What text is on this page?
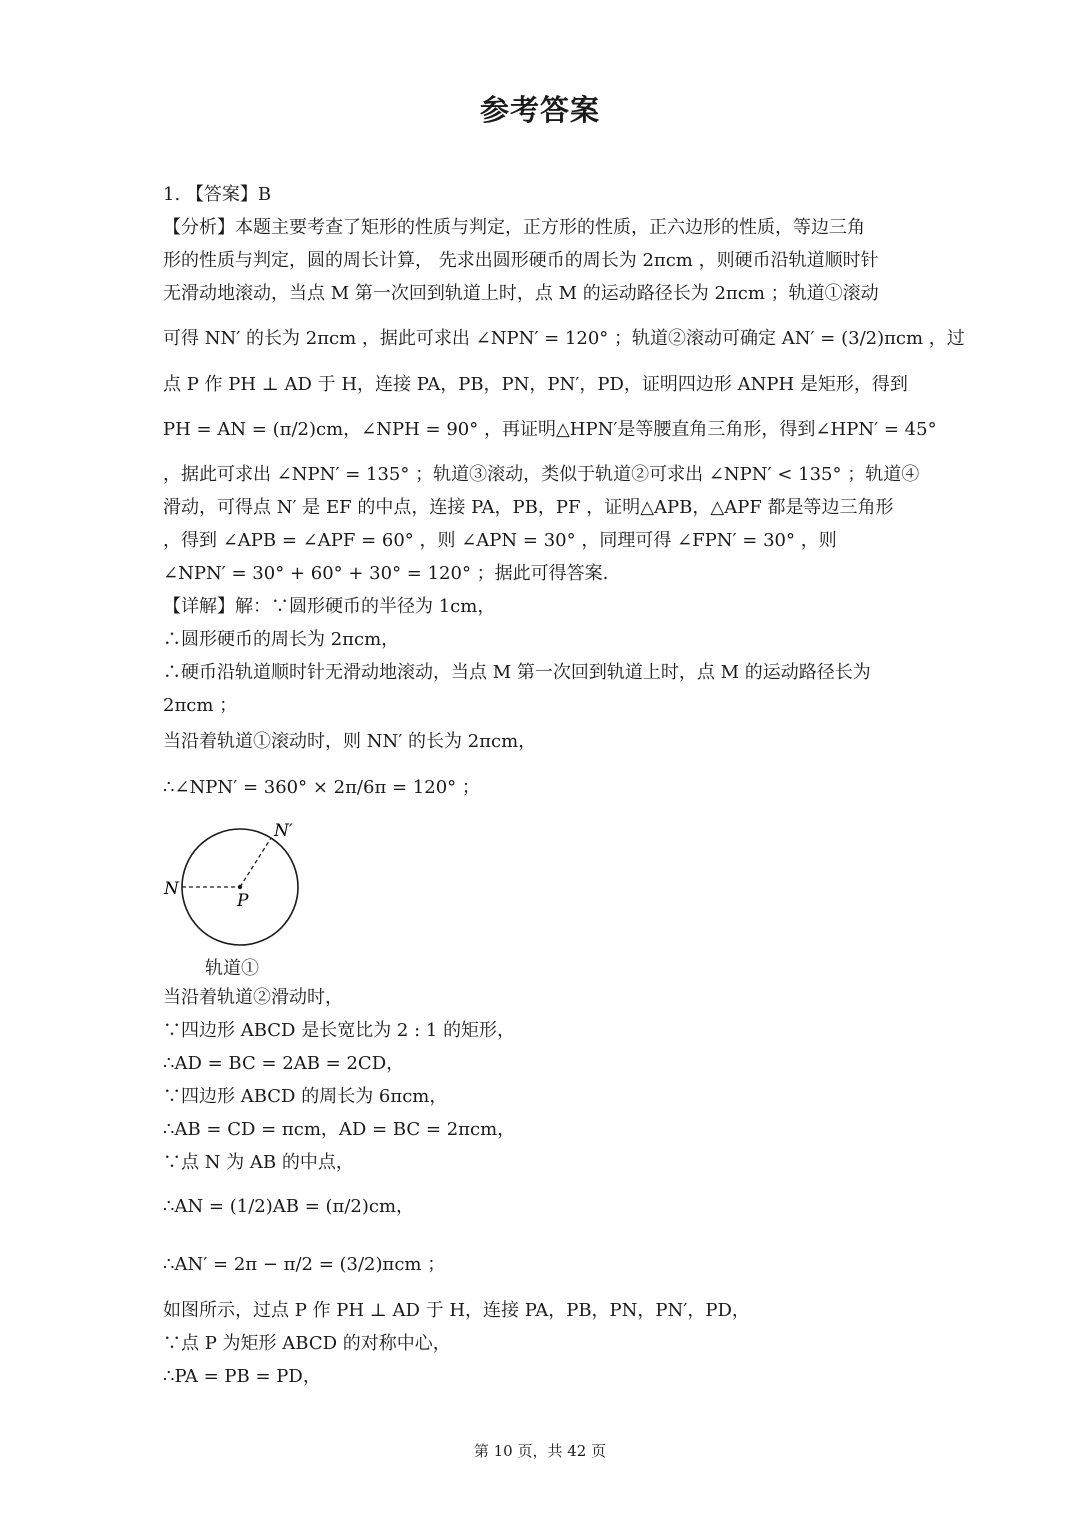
参考答案
1. 【答案】B
【分析】本题主要考查了矩形的性质与判定，正方形的性质，正六边形的性质，等边三角
形的性质与判定，圆的周长计算， 先求出圆形硬币的周长为 2πcm ，则硬币沿轨道顺时针
无滑动地滚动，当点 M 第一次回到轨道上时，点 M 的运动路径长为 2πcm ；轨道①滚动
可得 NN′ 的长为 2πcm ，据此可求出 ∠NPN′ = 120° ；轨道②滚动可确定 AN′ = (3/2)πcm ，过
点 P 作 PH ⊥ AD 于 H，连接 PA，PB，PN，PN′，PD，证明四边形 ANPH 是矩形，得到
PH = AN = (π/2)cm，∠NPH = 90° ，再证明△HPN′是等腰直角三角形，得到∠HPN′ = 45°
，据此可求出 ∠NPN′ = 135° ；轨道③滚动，类似于轨道②可求出 ∠NPN′ < 135° ；轨道④
滑动，可得点 N′ 是 EF 的中点，连接 PA，PB，PF ，证明△APB，△APF 都是等边三角形
，得到 ∠APB = ∠APF = 60° ，则 ∠APN = 30° ，同理可得 ∠FPN′ = 30° ，则
∠NPN′ = 30° + 60° + 30° = 120° ；据此可得答案.
【详解】解：∵圆形硬币的半径为 1cm，
∴圆形硬币的周长为 2πcm，
∴硬币沿轨道顺时针无滑动地滚动，当点 M 第一次回到轨道上时，点 M 的运动路径长为
2πcm ；
当沿着轨道①滚动时，则 NN′ 的长为 2πcm，
∴∠NPN′ = 360° × 2π/6π = 120° ；
N
N′
P
轨道①
当沿着轨道②滑动时，
∵四边形 ABCD 是长宽比为 2 : 1 的矩形，
∴AD = BC = 2AB = 2CD，
∵四边形 ABCD 的周长为 6πcm，
∴AB = CD = πcm，AD = BC = 2πcm，
∵点 N 为 AB 的中点，
∴AN = (1/2)AB = (π/2)cm，
∴AN′ = 2π − π/2 = (3/2)πcm ；
如图所示，过点 P 作 PH ⊥ AD 于 H，连接 PA，PB，PN，PN′，PD，
∵点 P 为矩形 ABCD 的对称中心，
∴PA = PB = PD，
第 10 页，共 42 页
